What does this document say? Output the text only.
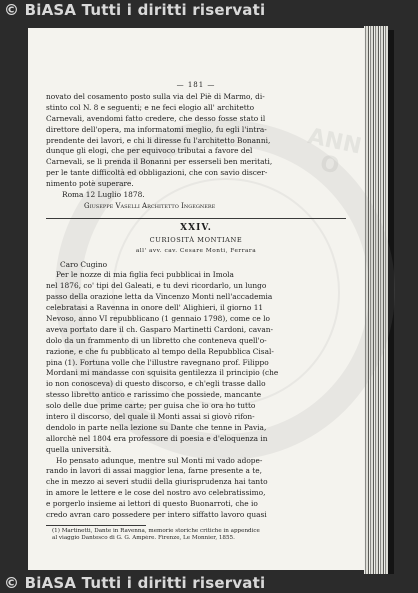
© BiASA Tutti i diritti riservati
ANNO
— 181 —
novato del cosamento posto sulla via del Piè di Marmo, di-
stinto col N. 8 e seguenti; e ne feci elogio all' architetto
Carnevali, avendomi fatto credere, che desso fosse stato il
direttore dell'opera, ma informatomi meglio, fu egli l'intra-
prendente dei lavori, e chi li diresse fu l'architetto Bonanni,
dunque gli elogi, che per equivoco tributai a favore del
Carnevali, se li prenda il Bonanni per esserseli ben meritati,
per le tante difficoltà ed obbligazioni, che con savio discer-
nimento potè superare.
Roma 12 Luglio 1878.
Giuseppe Vaselli Architetto Ingegnere
XXIV.
CURIOSITÀ MONTIANE
all' avv. cav. Cesare Monti, Ferrara
Caro Cugino
Per le nozze di mia figlia feci pubblicai in Imola
nel 1876, co' tipi del Galeati, e tu devi ricordarlo, un lungo
passo della orazione letta da Vincenzo Monti nell'accademia
celebratasi a Ravenna in onore dell' Alighieri, il giorno 11
Nevoso, anno VI repubblicano (1 gennaio 1798), come ce lo
aveva portato dare il ch. Gasparo Martinetti Cardoni, cavan-
dolo da un frammento di un libretto che conteneva quell'o-
razione, e che fu pubblicato al tempo della Repubblica Cisal-
pina (1). Fortuna volle che l'illustre ravegnano prof. Filippo
Mordani mi mandasse con squisita gentilezza il principio (che
io non conosceva) di questo discorso, e ch'egli trasse dallo
stesso libretto antico e rarissimo che possiede, mancante
solo delle due prime carte; per guisa che io ora ho tutto
intero il discorso, del quale il Monti assai si giovò rifon-
dendolo in parte nella lezione su Dante che tenne in Pavia,
allorchè nel 1804 era professore di poesia e d'eloquenza in
quella università.
Ho pensato adunque, mentre sul Monti mi vado adope-
rando in lavori di assai maggior lena, farne presente a te,
che in mezzo ai severi studii della giurisprudenza hai tanto
in amore le lettere e le cose del nostro avo celebratissimo,
e porgerlo insieme ai lettori di questo Buonarroti, che io
credo avran caro possedere per intero siffatto lavoro quasi
(1) Martinetti, Dante in Ravenna, memorie storiche critiche in appendice
al viaggio Dantesco di G. G. Ampère. Firenze, Le Monnier, 1855.
© BiASA Tutti i diritti riservati
